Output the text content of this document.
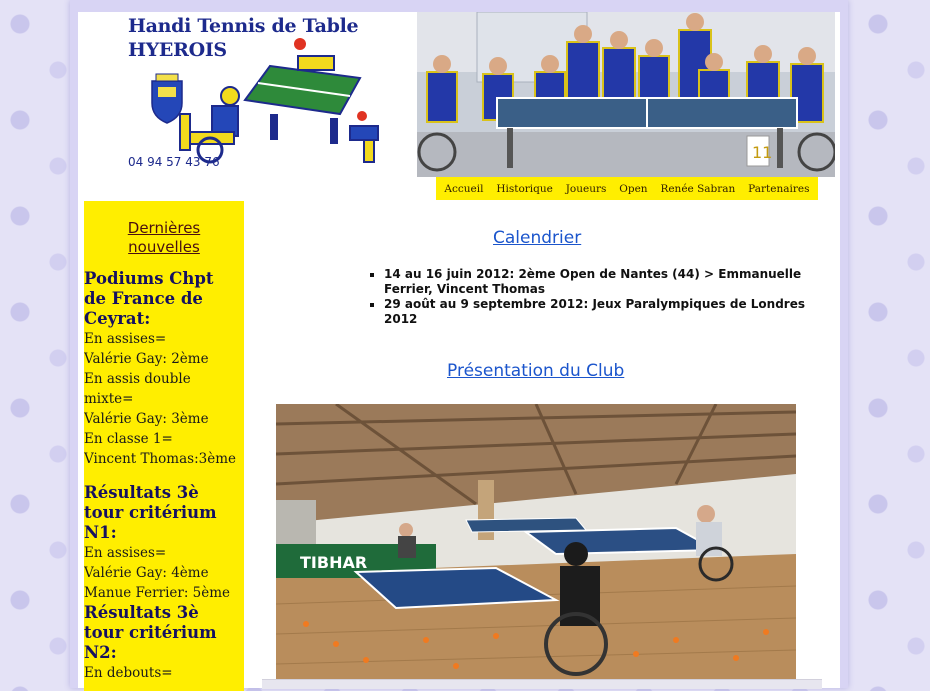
Handi Tennis de Table
HYEROIS
04 94 57 43 76	11
Accueil Historique Joueurs Open Renée Sabran Partenaires
Dernières
nouvelles
Podiums Chpt
de France de
Ceyrat:
En assises=
Valérie Gay: 2ème
En assis double
mixte=
Valérie Gay: 3ème
En classe 1=
Vincent Thomas:3ème
Résultats 3è
tour critérium
N1:
En assises=
Valérie Gay: 4ème
Manue Ferrier: 5ème
Résultats 3è
tour critérium
N2:
En debouts=
Calendrier
▪ 14 au 16 juin 2012: 2ème Open de Nantes (44) > Emmanuelle Ferrier, Vincent Thomas
▪ 29 août au 9 septembre 2012: Jeux Paralympiques de Londres 2012
Présentation du Club
TIBHAR
